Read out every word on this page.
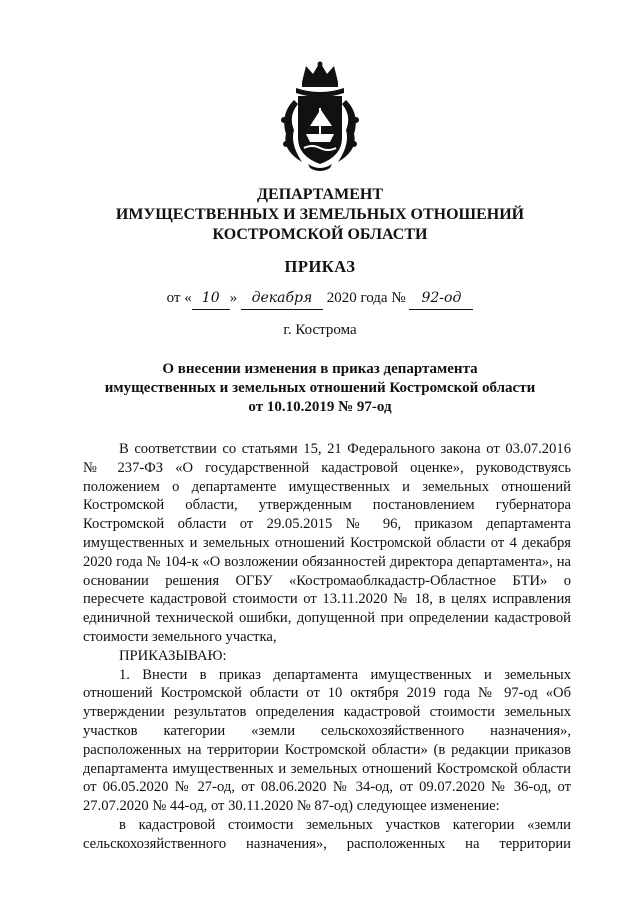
ДЕПАРТАМЕНТ
ИМУЩЕСТВЕННЫХ И ЗЕМЕЛЬНЫХ ОТНОШЕНИЙ
КОСТРОМСКОЙ ОБЛАСТИ
ПРИКАЗ
от « 10 » декабря 2020 года № 92-од
г. Кострома
О внесении изменения в приказ департамента
имущественных и земельных отношений Костромской области
от 10.10.2019 № 97-од

В соответствии со статьями 15, 21 Федерального закона от 03.07.2016 № 237-ФЗ «О государственной кадастровой оценке», руководствуясь положением о департаменте имущественных и земельных отношений Костромской области, утвержденным постановлением губернатора Костромской области от 29.05.2015 № 96, приказом департамента имущественных и земельных отношений Костромской области от 4 декабря 2020 года № 104-к «О возложении обязанностей директора департамента», на основании решения ОГБУ «Костромаоблкадастр-Областное БТИ» о пересчете кадастровой стоимости от 13.11.2020 № 18, в целях исправления единичной технической ошибки, допущенной при определении кадастровой стоимости земельного участка,

ПРИКАЗЫВАЮ:

1. Внести в приказ департамента имущественных и земельных отношений Костромской области от 10 октября 2019 года № 97-од «Об утверждении результатов определения кадастровой стоимости земельных участков категории «земли сельскохозяйственного назначения», расположенных на территории Костромской области» (в редакции приказов департамента имущественных и земельных отношений Костромской области от 06.05.2020 № 27-од, от 08.06.2020 № 34-од, от 09.07.2020 № 36-од, от 27.07.2020 № 44-од, от 30.11.2020 № 87-од) следующее изменение:

в кадастровой стоимости земельных участков категории «земли сельскохозяйственного назначения», расположенных на территории
